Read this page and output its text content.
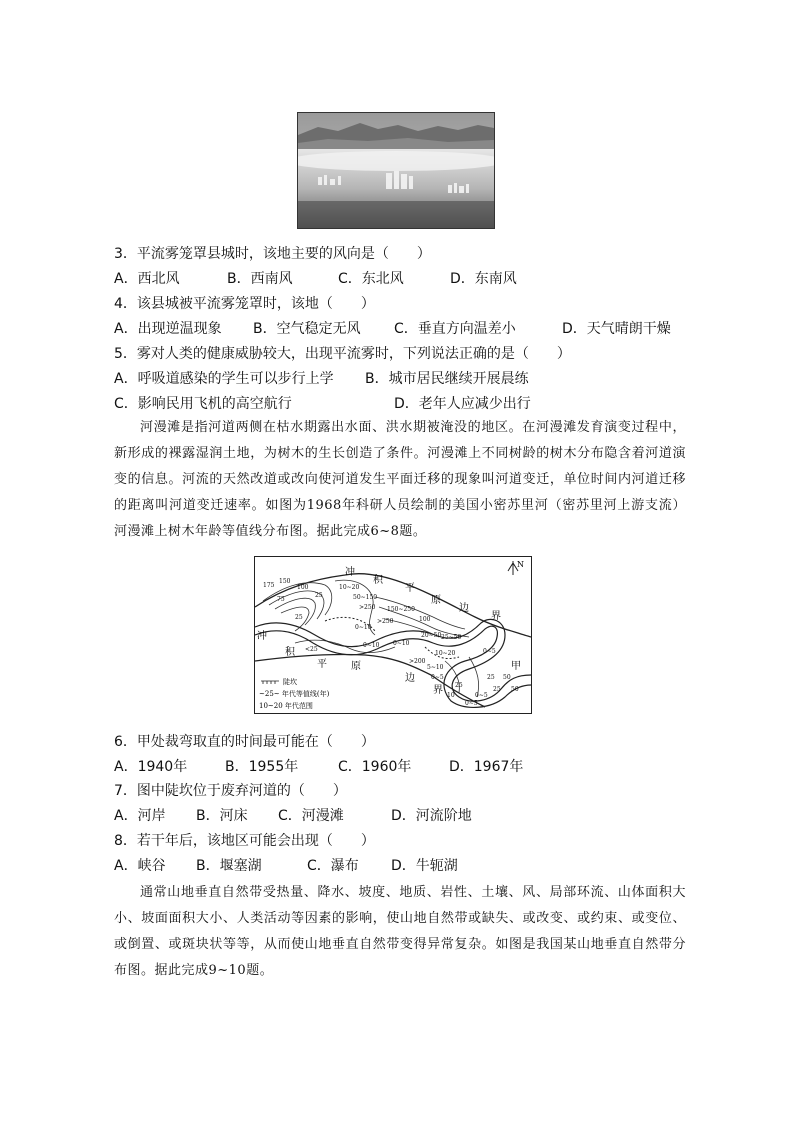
3．平流雾笼罩县城时，该地主要的风向是（　　）
A．西北风	B．西南风	C．东北风	D．东南风
4．该县城被平流雾笼罩时，该地（　　）
A．出现逆温现象 B．空气稳定无风 C．垂直方向温差小	D．天气晴朗干燥
5．雾对人类的健康威胁较大，出现平流雾时，下列说法正确的是（　　）
A．呼吸道感染的学生可以步行上学 B．城市居民继续开展晨练
C．影响民用飞机的高空航行	D．老年人应减少出行

河漫滩是指河道两侧在枯水期露出水面、洪水期被淹没的地区。在河漫滩发育演变过程中，新形成的裸露湿润土地，为树木的生长创造了条件。河漫滩上不同树龄的树木分布隐含着河道演变的信息。河流的天然改道或改向使河道发生平面迁移的现象叫河道变迁，单位时间内河道迁移的距离叫河道变迁速率。如图为1968年科研人员绘制的美国小密苏里河（密苏里河上游支流）河漫滩上树木年龄等值线分布图。据此完成6~8题。

N
冲
积
平
原
边
界
冲
积
平 原
边
界
甲
175
150
100
75
25
10~20
50~150
>250 150~250
100
25
>250
0~10
<25
0~10
20~50 25~50
0~5
0~10
10~20
>200
5~10
0~5
25
50
25
0~5
10
0~5
50
25
陡坎
~25~ 年代等值线(年)
10~20 年代范围
6．甲处裁弯取直的时间最可能在（　　）
A．1940年	B．1955年	C．1960年	D．1967年
7．图中陡坎位于废弃河道的（　　）
A．河岸 B．河床 C．河漫滩	D．河流阶地
8．若干年后，该地区可能会出现（　　）
A．峡谷 B．堰塞湖	C．瀑布 D．牛轭湖

通常山地垂直自然带受热量、降水、坡度、地质、岩性、土壤、风、局部环流、山体面积大小、坡面面积大小、人类活动等因素的影响，使山地自然带或缺失、或改变、或约束、或变位、或倒置、或斑块状等等，从而使山地垂直自然带变得异常复杂。如图是我国某山地垂直自然带分布图。据此完成9~10题。
